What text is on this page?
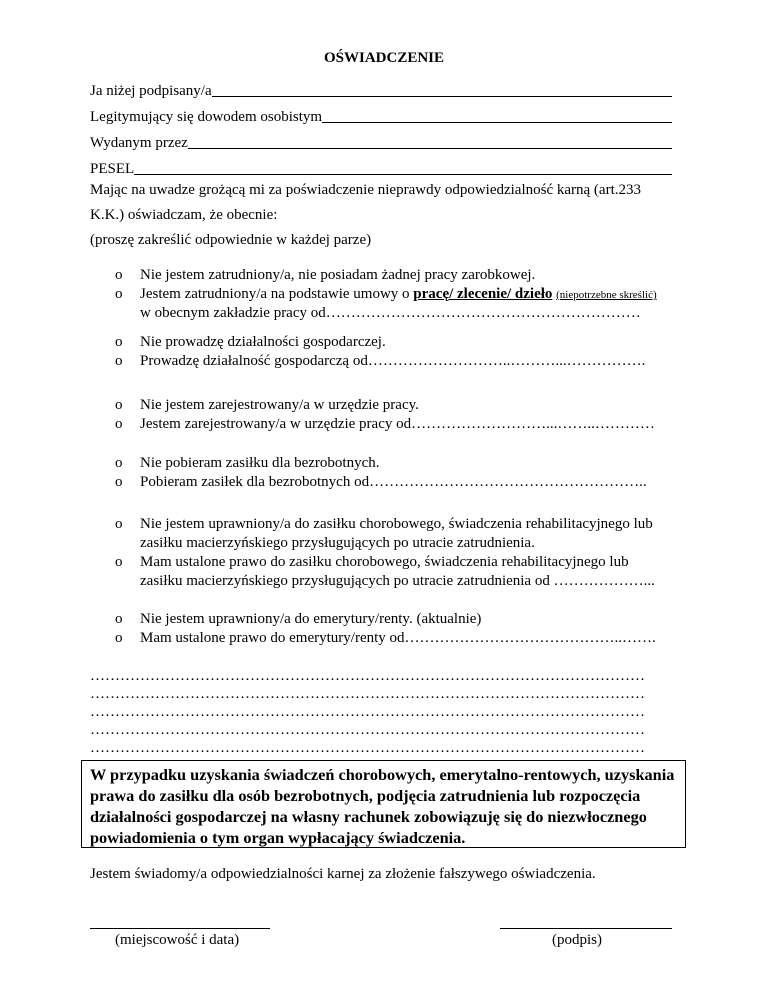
OŚWIADCZENIE
Ja niżej podpisany/a
Legitymujący się dowodem osobistym
Wydanym przez
PESEL
Mając na uwadze grożącą mi za poświadczenie nieprawdy odpowiedzialność karną (art.233
K.K.) oświadczam, że obecnie:
(proszę zakreślić odpowiednie w każdej parze)
o Nie jestem zatrudniony/a, nie posiadam żadnej pracy zarobkowej.
o Jestem zatrudniony/a na podstawie umowy o pracę/ zlecenie/ dzieło (niepotrzebne skreślić)
w obecnym zakładzie pracy od………………………………………………………
o Nie prowadzę działalności gospodarczej.
o Prowadzę działalność gospodarczą od………………………..………...…………….
o Nie jestem zarejestrowany/a w urzędzie pracy.
o Jestem zarejestrowany/a w urzędzie pracy od………………………...……..…………
o Nie pobieram zasiłku dla bezrobotnych.
o Pobieram zasiłek dla bezrobotnych od………………………………………………..
o Nie jestem uprawniony/a do zasiłku chorobowego, świadczenia rehabilitacyjnego lub
zasiłku macierzyńskiego przysługujących po utracie zatrudnienia.
o Mam ustalone prawo do zasiłku chorobowego, świadczenia rehabilitacyjnego lub
zasiłku macierzyńskiego przysługujących po utracie zatrudnienia od ………………...
o Nie jestem uprawniony/a do emerytury/renty. (aktualnie)
o Mam ustalone prawo do emerytury/renty od……………………………………..…….
…………………………………………………………………………………………………
…………………………………………………………………………………………………
…………………………………………………………………………………………………
…………………………………………………………………………………………………
…………………………………………………………………………………………………
W przypadku uzyskania świadczeń chorobowych, emerytalno-rentowych, uzyskania prawa do zasiłku dla osób bezrobotnych, podjęcia zatrudnienia lub rozpoczęcia działalności gospodarczej na własny rachunek zobowiązuję się do niezwłocznego powiadomienia o tym organ wypłacający świadczenia.
Jestem świadomy/a odpowiedzialności karnej za złożenie fałszywego oświadczenia.
(miejscowość i data)	(podpis)
